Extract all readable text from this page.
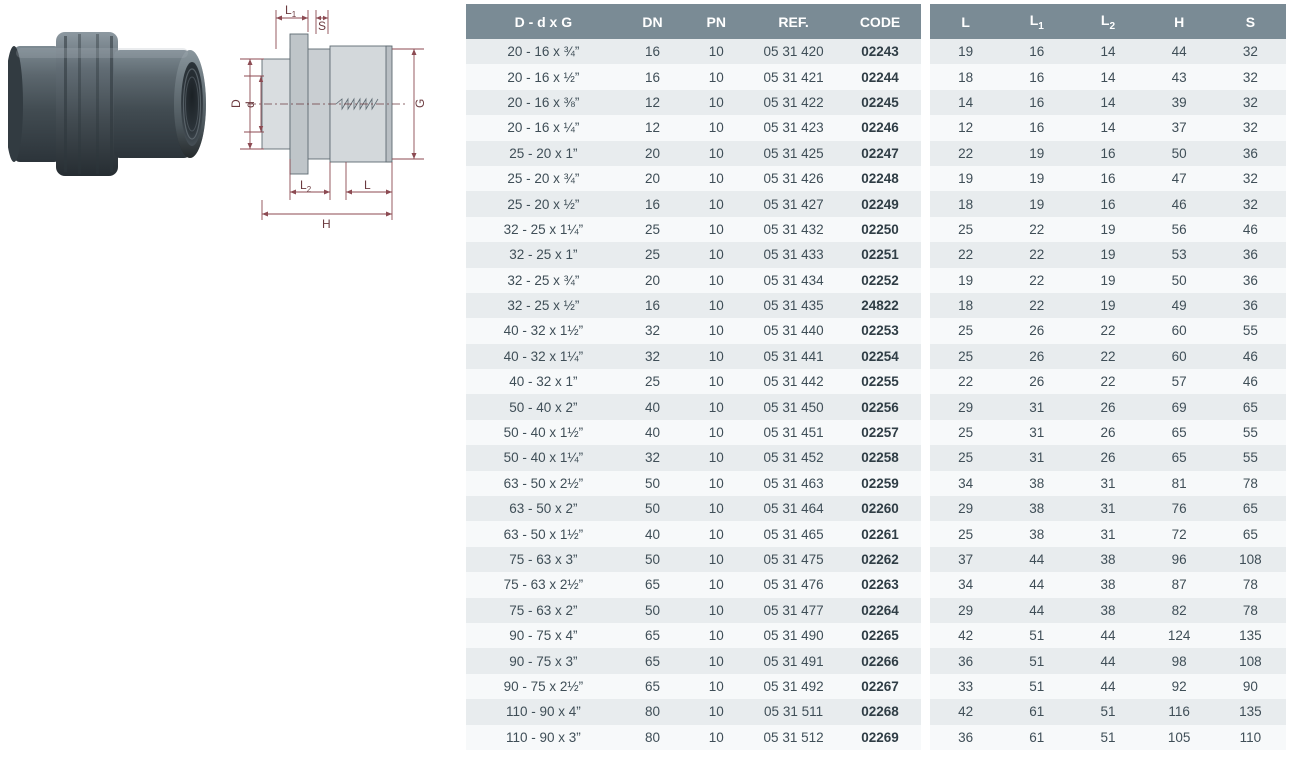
$L_1$
S
D d	G
$L_2$	L
H
D - d x G	DN	PN	REF.	CODE
20 - 16 x ¾”	16	10	05 31 420	02243
20 - 16 x ½”	16	10	05 31 421	02244
20 - 16 x ⅜”	12	10	05 31 422	02245
20 - 16 x ¼”	12	10	05 31 423	02246
25 - 20 x 1”	20	10	05 31 425	02247
25 - 20 x ¾”	20	10	05 31 426	02248
25 - 20 x ½”	16	10	05 31 427	02249
32 - 25 x 1¼”	25	10	05 31 432	02250
32 - 25 x 1”	25	10	05 31 433	02251
32 - 25 x ¾”	20	10	05 31 434	02252
32 - 25 x ½”	16	10	05 31 435	24822
40 - 32 x 1½”	32	10	05 31 440	02253
40 - 32 x 1¼”	32	10	05 31 441	02254
40 - 32 x 1”	25	10	05 31 442	02255
50 - 40 x 2”	40	10	05 31 450	02256
50 - 40 x 1½”	40	10	05 31 451	02257
50 - 40 x 1¼”	32	10	05 31 452	02258
63 - 50 x 2½”	50	10	05 31 463	02259
63 - 50 x 2”	50	10	05 31 464	02260
63 - 50 x 1½”	40	10	05 31 465	02261
75 - 63 x 3”	50	10	05 31 475	02262
75 - 63 x 2½”	65	10	05 31 476	02263
75 - 63 x 2”	50	10	05 31 477	02264
90 - 75 x 4”	65	10	05 31 490	02265
90 - 75 x 3”	65	10	05 31 491	02266
90 - 75 x 2½”	65	10	05 31 492	02267
110 - 90 x 4”	80	10	05 31 511	02268
110 - 90 x 3”	80	10	05 31 512	02269
L	$L_1$	$L_2$	H	S
19	16	14	44	32
18	16	14	43	32
14	16	14	39	32
12	16	14	37	32
22	19	16	50	36
19	19	16	47	32
18	19	16	46	32
25	22	19	56	46
22	22	19	53	36
19	22	19	50	36
18	22	19	49	36
25	26	22	60	55
25	26	22	60	46
22	26	22	57	46
29	31	26	69	65
25	31	26	65	55
25	31	26	65	55
34	38	31	81	78
29	38	31	76	65
25	38	31	72	65
37	44	38	96	108
34	44	38	87	78
29	44	38	82	78
42	51	44	124	135
36	51	44	98	108
33	51	44	92	90
42	61	51	116	135
36	61	51	105	110
